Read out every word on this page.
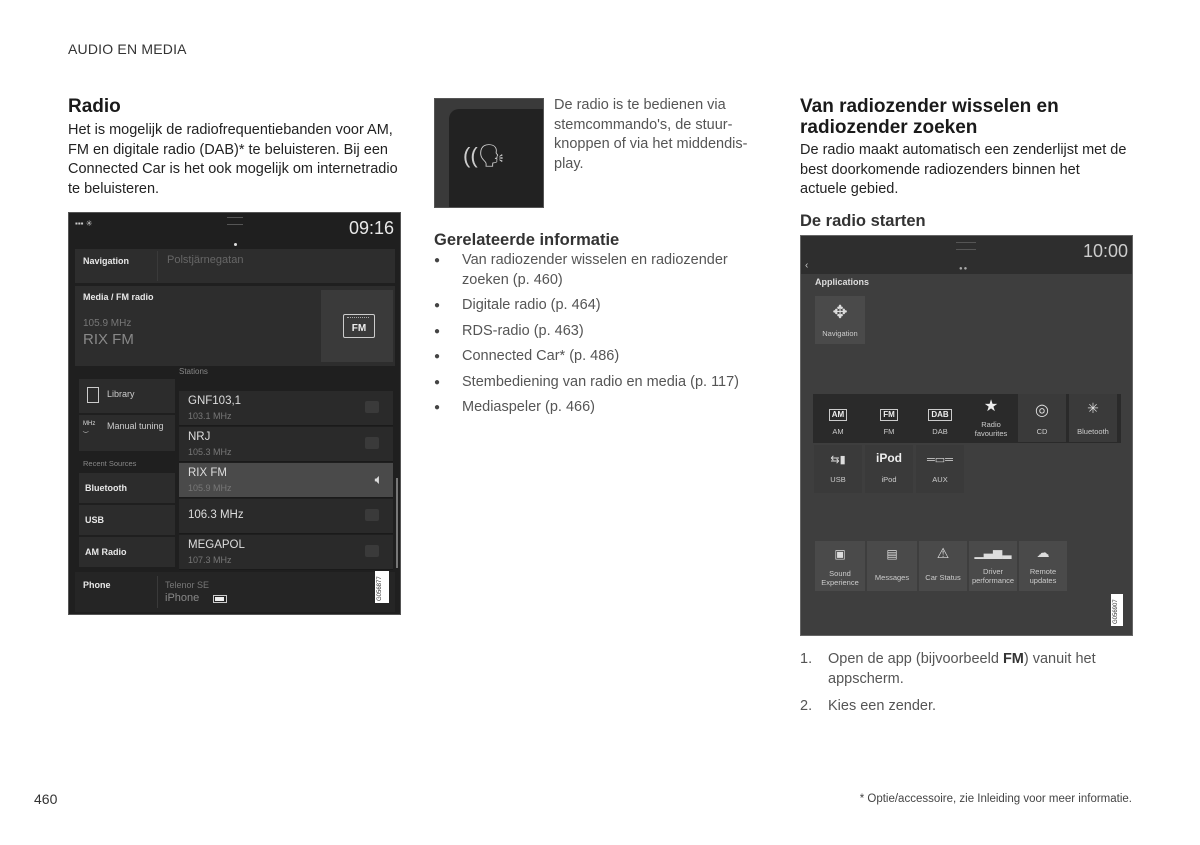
AUDIO EN MEDIA
Radio
Het is mogelijk de radiofrequentiebanden voor AM, FM en digitale radio (DAB)* te beluisteren. Bij een Connected Car is het ook mogelijk om internetradio te beluisteren.
▪▪▪ ✳	09:16
Navigation	Polstjärnegatan
Media / FM radio
105.9 MHz
RIX FM
FM
Stations
Library
MHz
⏝	Manual tuning
Recent Sources
Bluetooth
USB
AM Radio
GNF103,1
103.1 MHz
NRJ
105.3 MHz
RIX FM
105.9 MHz
🔈︎
106.3 MHz
MEGAPOL
107.3 MHz
Phone	Telenor SE
iPhone	G056877
((🗣︎
De radio is te bedienen via stemcommando's, de stuurknoppen of via het middendisplay.
Gerelateerde informatie
● Van radiozender wisselen en radiozender zoeken (p. 460)
● Digitale radio (p. 464)
● RDS-radio (p. 463)
● Connected Car* (p. 486)
● Stembediening van radio en media (p. 117)
● Mediaspeler (p. 466)
Van radiozender wisselen en radiozender zoeken
De radio maakt automatisch een zenderlijst met de best doorkomende radiozenders binnen het actuele gebied.
De radio starten
‹	●●
10:00
Applications
✥
Navigation
AM
AM
FM
FM
DAB
DAB
★
Radio favourites
◎
CD
✳
Bluetooth
⇆▮
USB
iPod
iPod
═▭═
AUX
▣
Sound Experience
▤
Messages
⚠
Car Status
▁▃▅▂
Driver performance
☁
Remote updates
G056907
1. Open de app (bijvoorbeeld FM) vanuit het appscherm.
2. Kies een zender.
460	* Optie/accessoire, zie Inleiding voor meer informatie.
